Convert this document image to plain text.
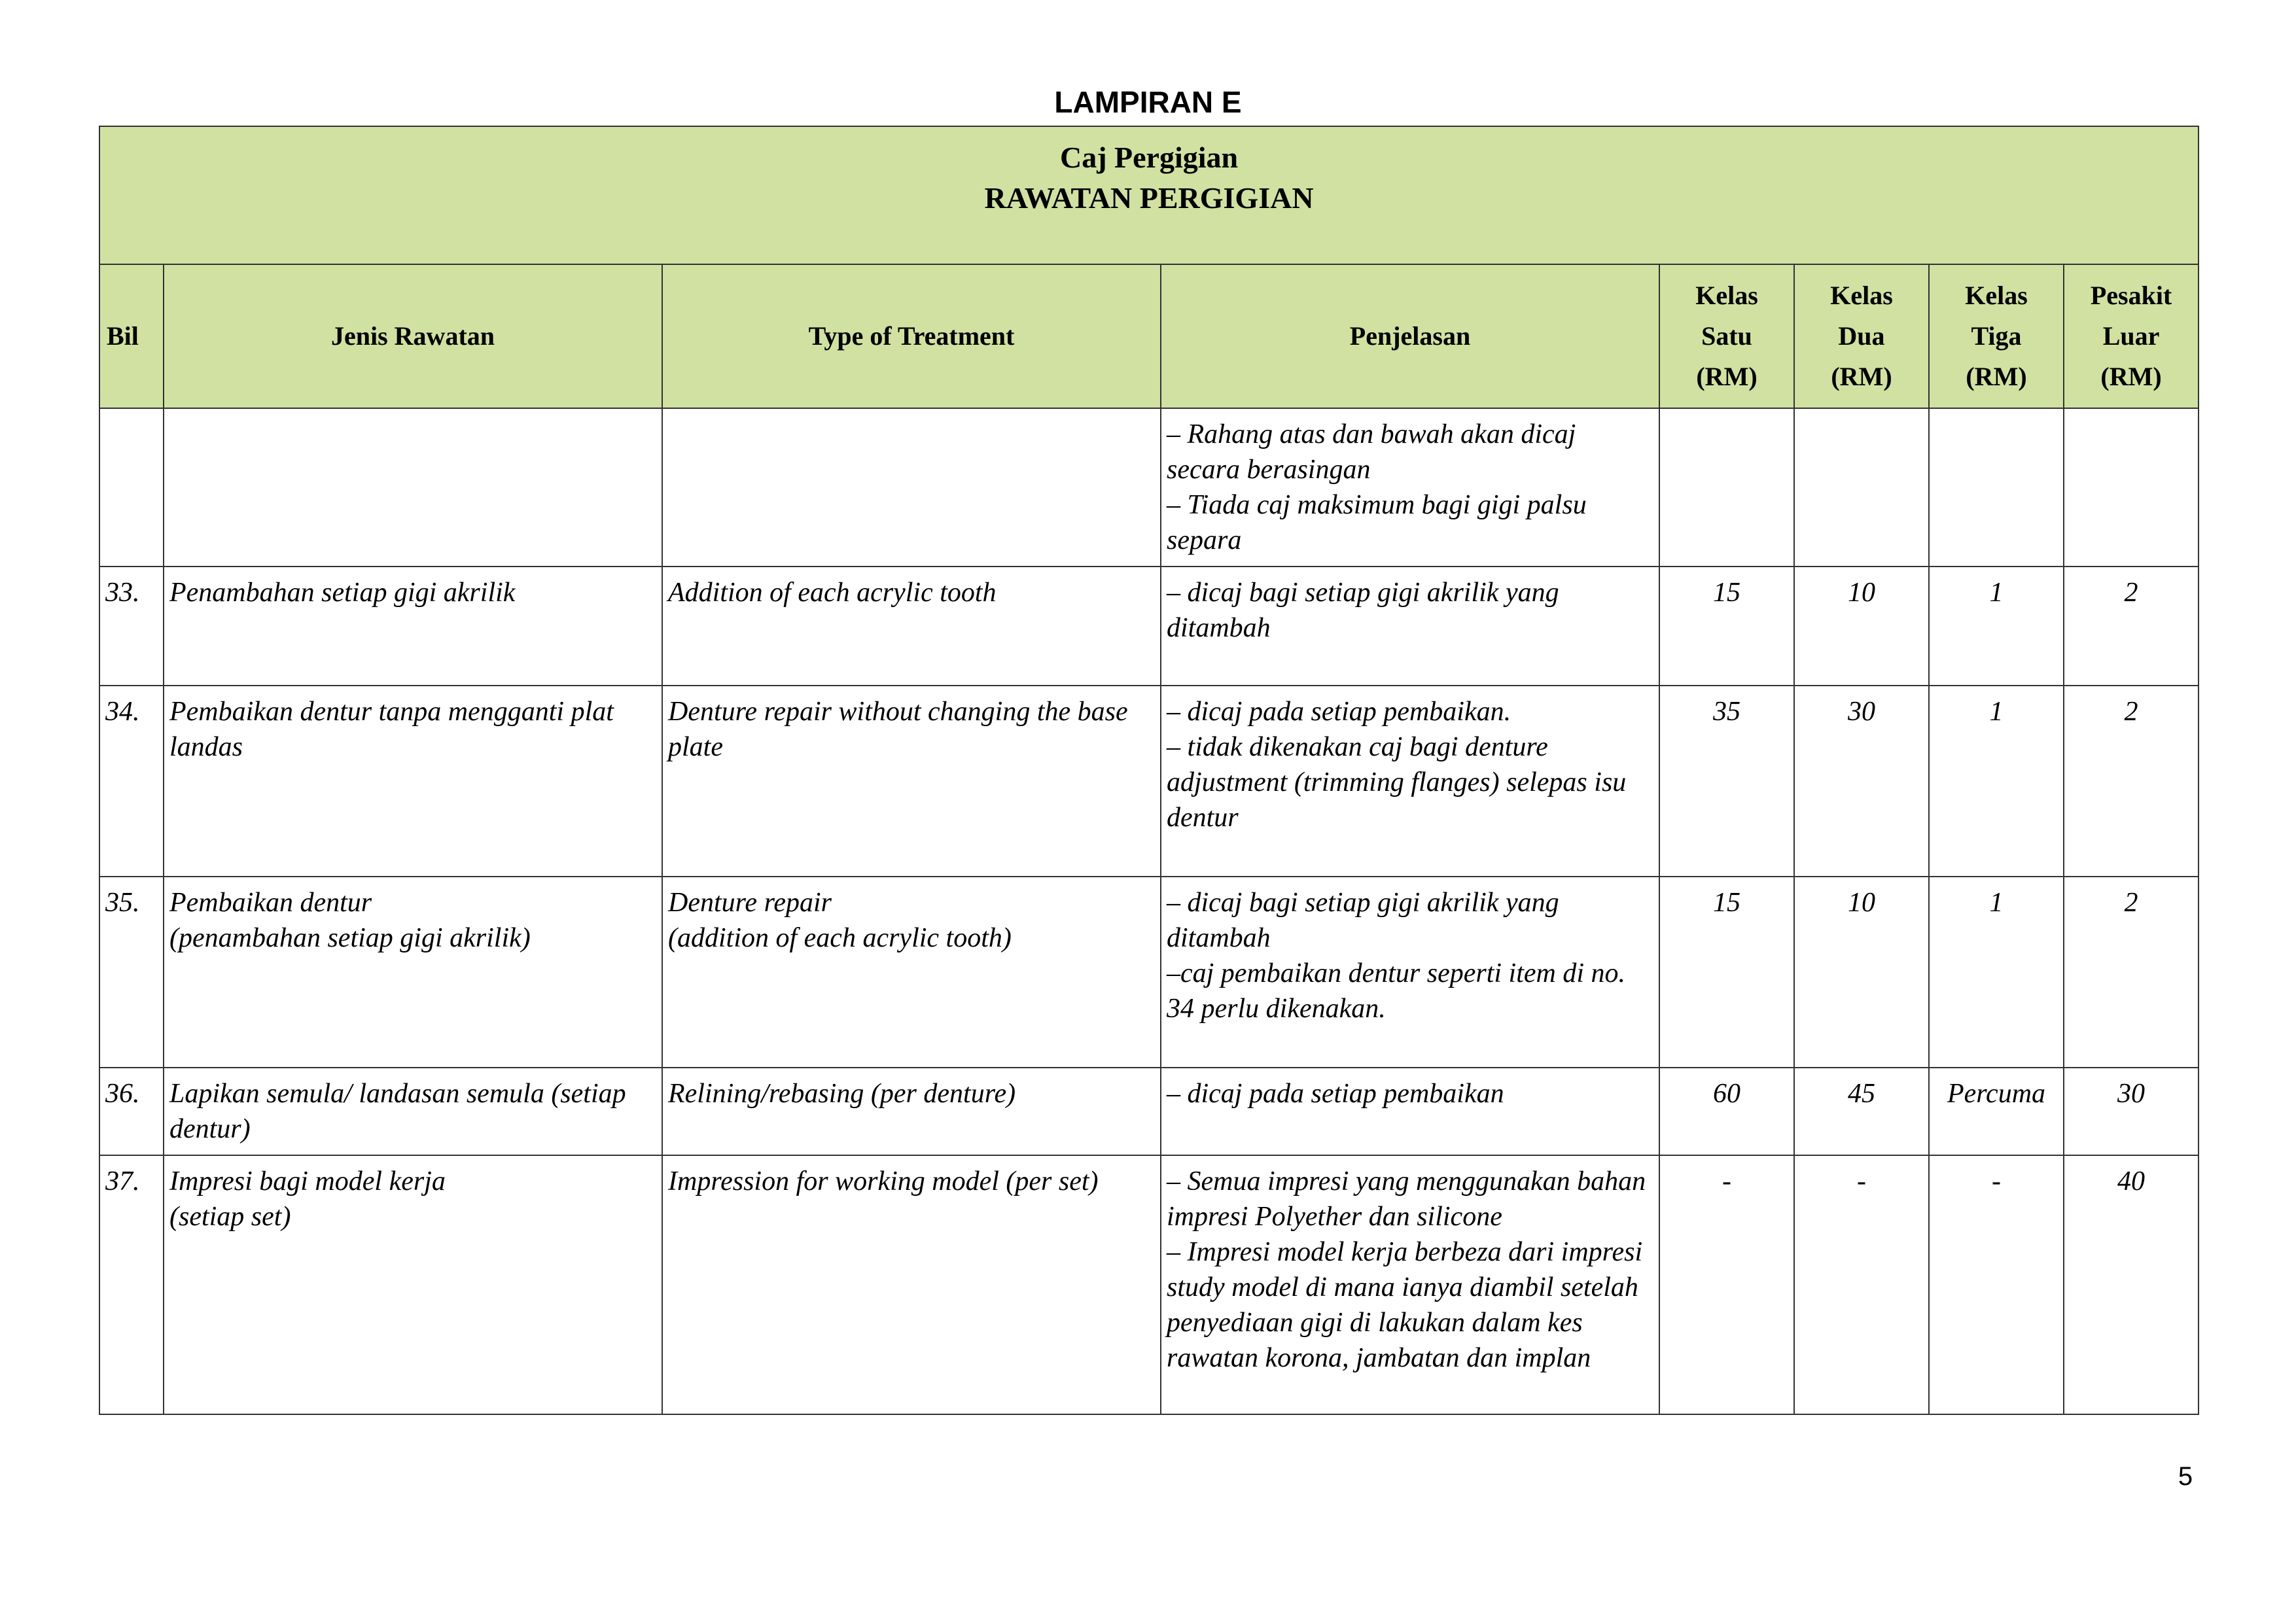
LAMPIRAN E
Caj Pergigian
RAWATAN PERGIGIAN							

Bil	Jenis Rawatan	Type of Treatment	Penjelasan	Kelas
Satu
(RM)	Kelas
Dua
(RM)	Kelas
Tiga
(RM)	Pesakit
Luar
(RM)

			– Rahang atas dan bawah akan dicaj secara berasingan
– Tiada caj maksimum bagi gigi palsu separa				

33.	Penambahan setiap gigi akrilik	Addition of each acrylic tooth	– dicaj bagi setiap gigi akrilik yang ditambah	15	10	1	2
34.	Pembaikan dentur tanpa mengganti plat landas	Denture repair without changing the base plate	– dicaj pada setiap pembaikan.
– tidak dikenakan caj bagi denture adjustment (trimming flanges) selepas isu dentur	35	30	1	2
35.	Pembaikan dentur
(penambahan setiap gigi akrilik)	Denture repair
(addition of each acrylic tooth)	– dicaj bagi setiap gigi akrilik yang ditambah
–caj pembaikan dentur seperti item di no. 34 perlu dikenakan.	15	10	1	2
36.	Lapikan semula/ landasan semula (setiap dentur)	Relining/rebasing (per denture)	– dicaj pada setiap pembaikan	60	45	Percuma	30
37.	Impresi bagi model kerja
(setiap set)	Impression for working model (per set)	– Semua impresi yang menggunakan bahan impresi Polyether dan silicone
– Impresi model kerja berbeza dari impresi study model di mana ianya diambil setelah penyediaan gigi di lakukan dalam kes rawatan korona, jambatan dan implan	-	-	-	40
5
